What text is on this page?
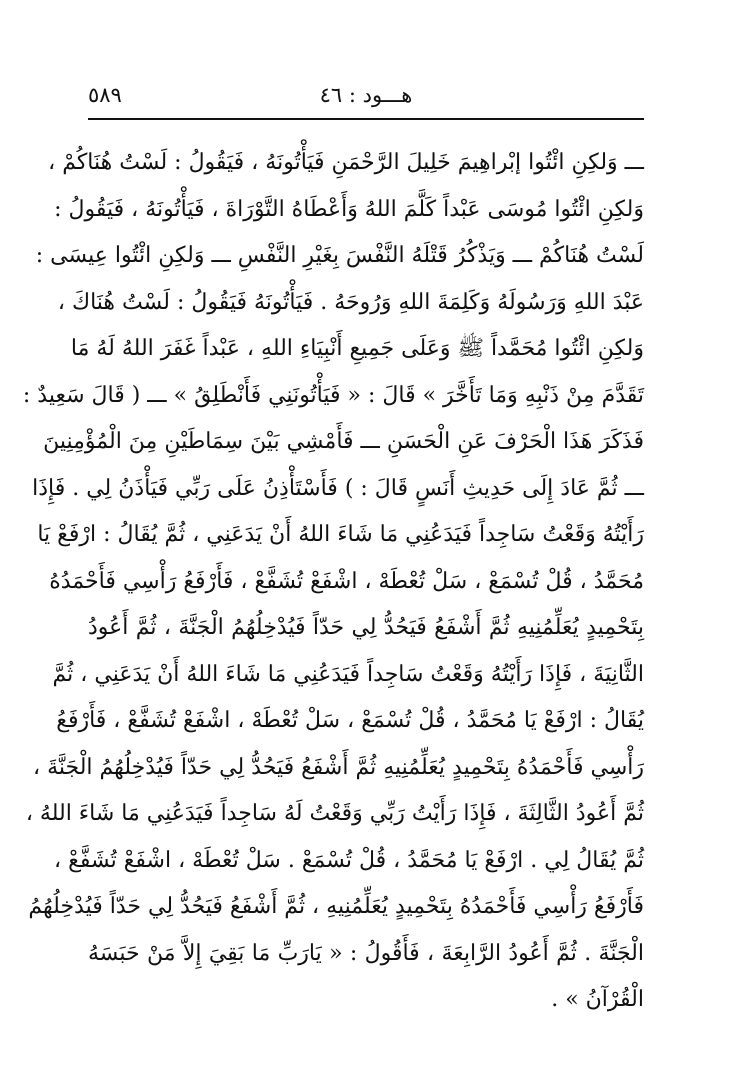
٥٨٩	هـــود : ٤٦
ـــ وَلكِنِ ائْتُوا إبْراهِيمَ خَلِيلَ الرَّحْمَنِ فَيَأْتُونَهُ ، فَيَقُولُ : لَسْتُ هُنَاكُمْ ،
وَلكِنِ ائْتُوا مُوسَى عَبْداً كَلَّمَ اللهُ وَأَعْطَاهُ التَّوْرَاةَ ، فَيَأْتُونَهُ ، فَيَقُولُ :
لَسْتُ هُنَاكُمْ ـــ وَيَذْكُرُ قَتْلَهُ النَّفْسَ بِغَيْرِ النَّفْسِ ـــ وَلكِنِ ائْتُوا عِيسَى :
عَبْدَ اللهِ وَرَسُولَهُ وَكَلِمَةَ اللهِ وَرُوحَهُ . فَيَأْتُونَهُ فَيَقُولُ : لَسْتُ هُنَاكَ ،
وَلكِنِ ائْتُوا مُحَمَّداً ﷺ وَعَلَى جَمِيعِ أَنْبِيَاءِ اللهِ ، عَبْداً غَفَرَ اللهُ لَهُ مَا
تَقَدَّمَ مِنْ ذَنْبِهِ وَمَا تَأَخَّرَ » قَالَ : « فَيَأْتُونَنِي فَأَنْطَلِقُ » ـــ ( قَالَ سَعِيدٌ :
فَذَكَرَ هَذَا الْحَرْفَ عَنِ الْحَسَنِ ـــ فَأَمْشِي بَيْنَ سِمَاطَيْنِ مِنَ الْمُؤْمِنِينَ
ـــ ثُمَّ عَادَ إِلَى حَدِيثِ أَنَسٍ قَالَ : ) فَأَسْتَأْذِنُ عَلَى رَبِّي فَيَأْذَنُ لِي . فَإِذَا
رَأَيْتُهُ وَقَعْتُ سَاجِداً فَيَدَعُنِي مَا شَاءَ اللهُ أَنْ يَدَعَنِي ، ثُمَّ يُقَالُ : ارْفَعْ يَا
مُحَمَّدُ ، قُلْ تُسْمَعْ ، سَلْ تُعْطَهْ ، اشْفَعْ تُشَفَّعْ ، فَأَرْفَعُ رَأْسِي فَأَحْمَدُهُ
بِتَحْمِيدٍ يُعَلِّمُنِيهِ ثُمَّ أَشْفَعُ فَيَحُدُّ لِي حَدّاً فَيُدْخِلُهُمُ الْجَنَّةَ ، ثُمَّ أَعُودُ
الثَّانِيَةَ ، فَإِذَا رَأَيْتُهُ وَقَعْتُ سَاجِداً فَيَدَعُنِي مَا شَاءَ اللهُ أَنْ يَدَعَنِي ، ثُمَّ
يُقَالُ : ارْفَعْ يَا مُحَمَّدُ ، قُلْ تُسْمَعْ ، سَلْ تُعْطَهْ ، اشْفَعْ تُشَفَّعْ ، فَأَرْفَعُ
رَأْسِي فَأَحْمَدُهُ بِتَحْمِيدٍ يُعَلِّمُنِيهِ ثُمَّ أَشْفَعُ فَيَحُدُّ لِي حَدّاً فَيُدْخِلُهُمُ الْجَنَّةَ ،
ثُمَّ أَعُودُ الثَّالِثَةَ ، فَإِذَا رَأَيْتُ رَبِّي وَقَعْتُ لَهُ سَاجِداً فَيَدَعُنِي مَا شَاءَ اللهُ ،
ثُمَّ يُقَالُ لِي . ارْفَعْ يَا مُحَمَّدُ ، قُلْ تُسْمَعْ . سَلْ تُعْطَهْ ، اشْفَعْ تُشَفَّعْ ،
فَأَرْفَعُ رَأْسِي فَأَحْمَدُهُ بِتَحْمِيدٍ يُعَلِّمُنِيهِ ، ثُمَّ أَشْفَعُ فَيَحُدُّ لِي حَدّاً فَيُدْخِلُهُمُ
الْجَنَّةَ . ثُمَّ أَعُودُ الرَّابِعَةَ ، فَأَقُولُ : « يَارَبِّ مَا بَقِيَ إِلاَّ مَنْ حَبَسَهُ
الْقُرْآنُ » .
